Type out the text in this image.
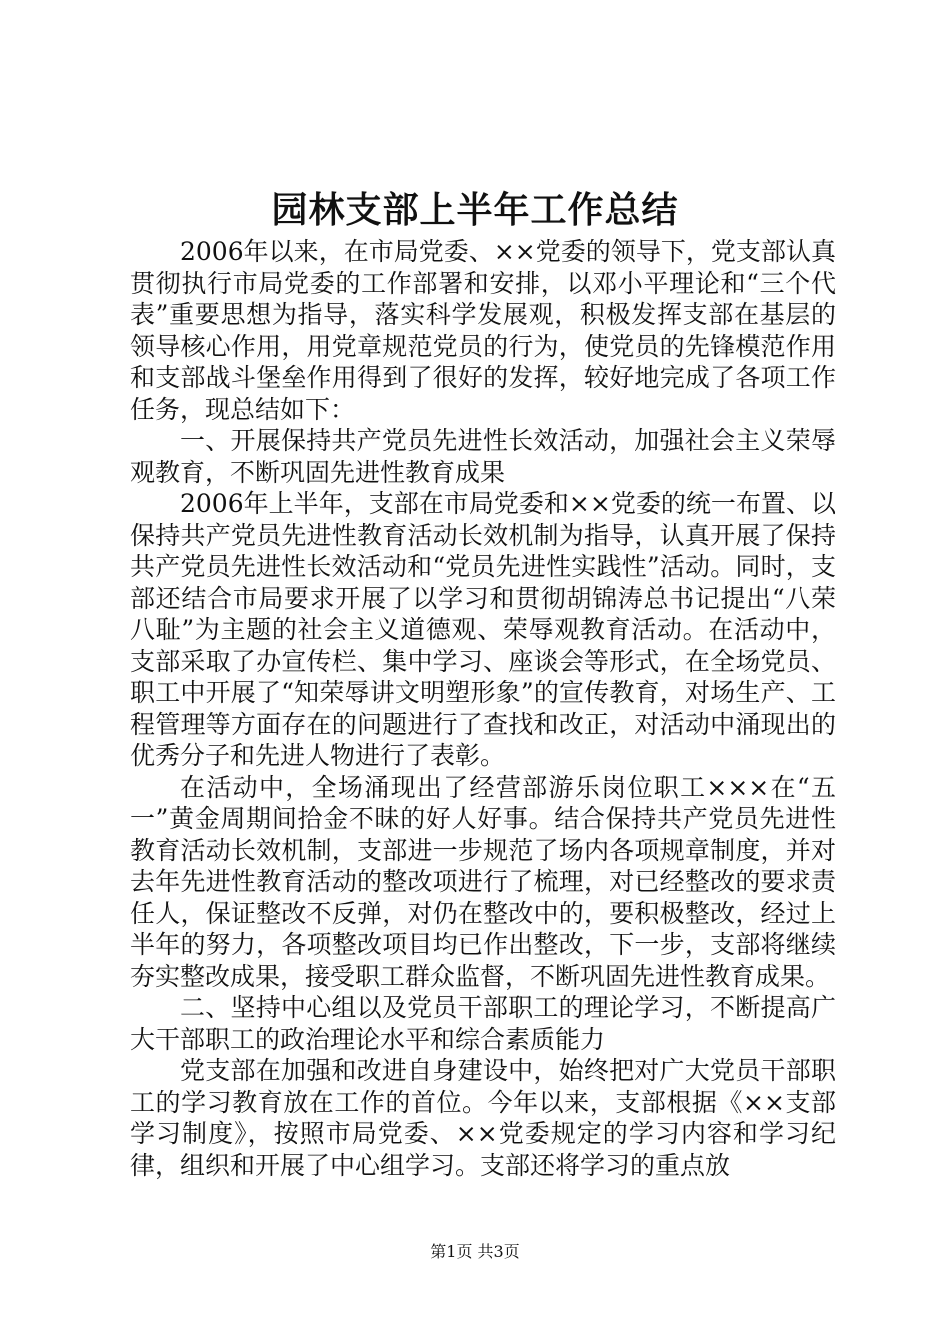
园林支部上半年工作总结

2006年以来，在市局党委、××党委的领导下，党支部认真贯彻执行市局党委的工作部署和安排，以邓小平理论和“三个代表”重要思想为指导，落实科学发展观，积极发挥支部在基层的领导核心作用，用党章规范党员的行为，使党员的先锋模范作用和支部战斗堡垒作用得到了很好的发挥，较好地完成了各项工作任务，现总结如下：

一、开展保持共产党员先进性长效活动，加强社会主义荣辱观教育，不断巩固先进性教育成果

2006年上半年，支部在市局党委和××党委的统一布置、以保持共产党员先进性教育活动长效机制为指导，认真开展了保持共产党员先进性长效活动和“党员先进性实践性”活动。同时，支部还结合市局要求开展了以学习和贯彻胡锦涛总书记提出“八荣八耻”为主题的社会主义道德观、荣辱观教育活动。在活动中，支部采取了办宣传栏、集中学习、座谈会等形式，在全场党员、职工中开展了“知荣辱讲文明塑形象”的宣传教育，对场生产、工程管理等方面存在的问题进行了查找和改正，对活动中涌现出的优秀分子和先进人物进行了表彰。

在活动中，全场涌现出了经营部游乐岗位职工×××在“五一”黄金周期间拾金不昧的好人好事。结合保持共产党员先进性教育活动长效机制，支部进一步规范了场内各项规章制度，并对去年先进性教育活动的整改项进行了梳理，对已经整改的要求责任人，保证整改不反弹，对仍在整改中的，要积极整改，经过上半年的努力，各项整改项目均已作出整改，下一步，支部将继续夯实整改成果，接受职工群众监督，不断巩固先进性教育成果。

二、坚持中心组以及党员干部职工的理论学习，不断提高广大干部职工的政治理论水平和综合素质能力

党支部在加强和改进自身建设中，始终把对广大党员干部职工的学习教育放在工作的首位。今年以来，支部根据《××支部学习制度》，按照市局党委、××党委规定的学习内容和学习纪律，组织和开展了中心组学习。支部还将学习的重点放

第1页 共3页
